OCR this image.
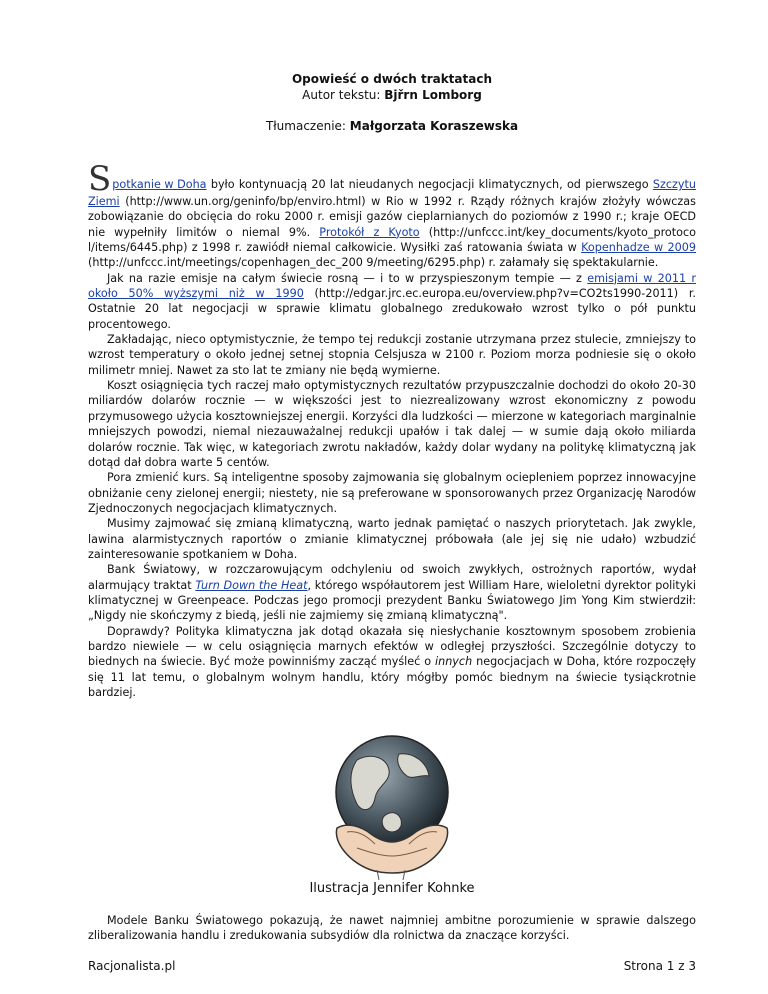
Opowieść o dwóch traktatach
Autor tekstu: Bjřrn Lomborg
Tłumaczenie: Małgorzata Koraszewska

Spotkanie w Doha było kontynuacją 20 lat nieudanych negocjacji klimatycznych, od pierwszego Szczytu Ziemi (http://www.un.org/geninfo/bp/enviro.html) w Rio w 1992 r. Rządy różnych krajów złożyły wówczas zobowiązanie do obcięcia do roku 2000 r. emisji gazów cieplarnianych do poziomów z 1990 r.; kraje OECD nie wypełniły limitów o niemal 9%. Protokół z Kyoto (http://unfccc.int/key_documents/kyoto_protoco l/items/6445.php) z 1998 r. zawiódł niemal całkowicie. Wysiłki zaś ratowania świata w Kopenhadze w 2009 (http://unfccc.int/meetings/copenhagen_dec_200 9/meeting/6295.php) r. załamały się spektakularnie.

Jak na razie emisje na całym świecie rosną — i to w przyspieszonym tempie — z emisjami w 2011 r około 50% wyższymi niż w 1990 (http://edgar.jrc.ec.europa.eu/overview.php?v=CO2ts1990-2011) r. Ostatnie 20 lat negocjacji w sprawie klimatu globalnego zredukowało wzrost tylko o pół punktu procentowego.

Zakładając, nieco optymistycznie, że tempo tej redukcji zostanie utrzymana przez stulecie, zmniejszy to wzrost temperatury o około jednej setnej stopnia Celsjusza w 2100 r. Poziom morza podniesie się o około milimetr mniej. Nawet za sto lat te zmiany nie będą wymierne.

Koszt osiągnięcia tych raczej mało optymistycznych rezultatów przypuszczalnie dochodzi do około 20-30 miliardów dolarów rocznie — w większości jest to niezrealizowany wzrost ekonomiczny z powodu przymusowego użycia kosztowniejszej energii. Korzyści dla ludzkości — mierzone w kategoriach marginalnie mniejszych powodzi, niemal niezauważalnej redukcji upałów i tak dalej — w sumie dają około miliarda dolarów rocznie. Tak więc, w kategoriach zwrotu nakładów, każdy dolar wydany na politykę klimatyczną jak dotąd dał dobra warte 5 centów.

Pora zmienić kurs. Są inteligentne sposoby zajmowania się globalnym ociepleniem poprzez innowacyjne obniżanie ceny zielonej energii; niestety, nie są preferowane w sponsorowanych przez Organizację Narodów Zjednoczonych negocjacjach klimatycznych.

Musimy zajmować się zmianą klimatyczną, warto jednak pamiętać o naszych priorytetach. Jak zwykle, lawina alarmistycznych raportów o zmianie klimatycznej próbowała (ale jej się nie udało) wzbudzić zainteresowanie spotkaniem w Doha.

Bank Światowy, w rozczarowującym odchyleniu od swoich zwykłych, ostrożnych raportów, wydał alarmujący traktat Turn Down the Heat, którego współautorem jest William Hare, wieloletni dyrektor polityki klimatycznej w Greenpeace. Podczas jego promocji prezydent Banku Światowego Jim Yong Kim stwierdził: „Nigdy nie skończymy z biedą, jeśli nie zajmiemy się zmianą klimatyczną".

Doprawdy? Polityka klimatyczna jak dotąd okazała się niesłychanie kosztownym sposobem zrobienia bardzo niewiele — w celu osiągnięcia marnych efektów w odległej przyszłości. Szczególnie dotyczy to biednych na świecie. Być może powinniśmy zacząć myśleć o innych negocjacjach w Doha, które rozpoczęły się 11 lat temu, o globalnym wolnym handlu, który mógłby pomóc biednym na świecie tysiąckrotnie bardziej.

Ilustracja Jennifer Kohnke

Modele Banku Światowego pokazują, że nawet najmniej ambitne porozumienie w sprawie dalszego zliberalizowania handlu i zredukowania subsydiów dla rolnictwa da znaczące korzyści.

Racjonalista.pl	Strona 1 z 3
